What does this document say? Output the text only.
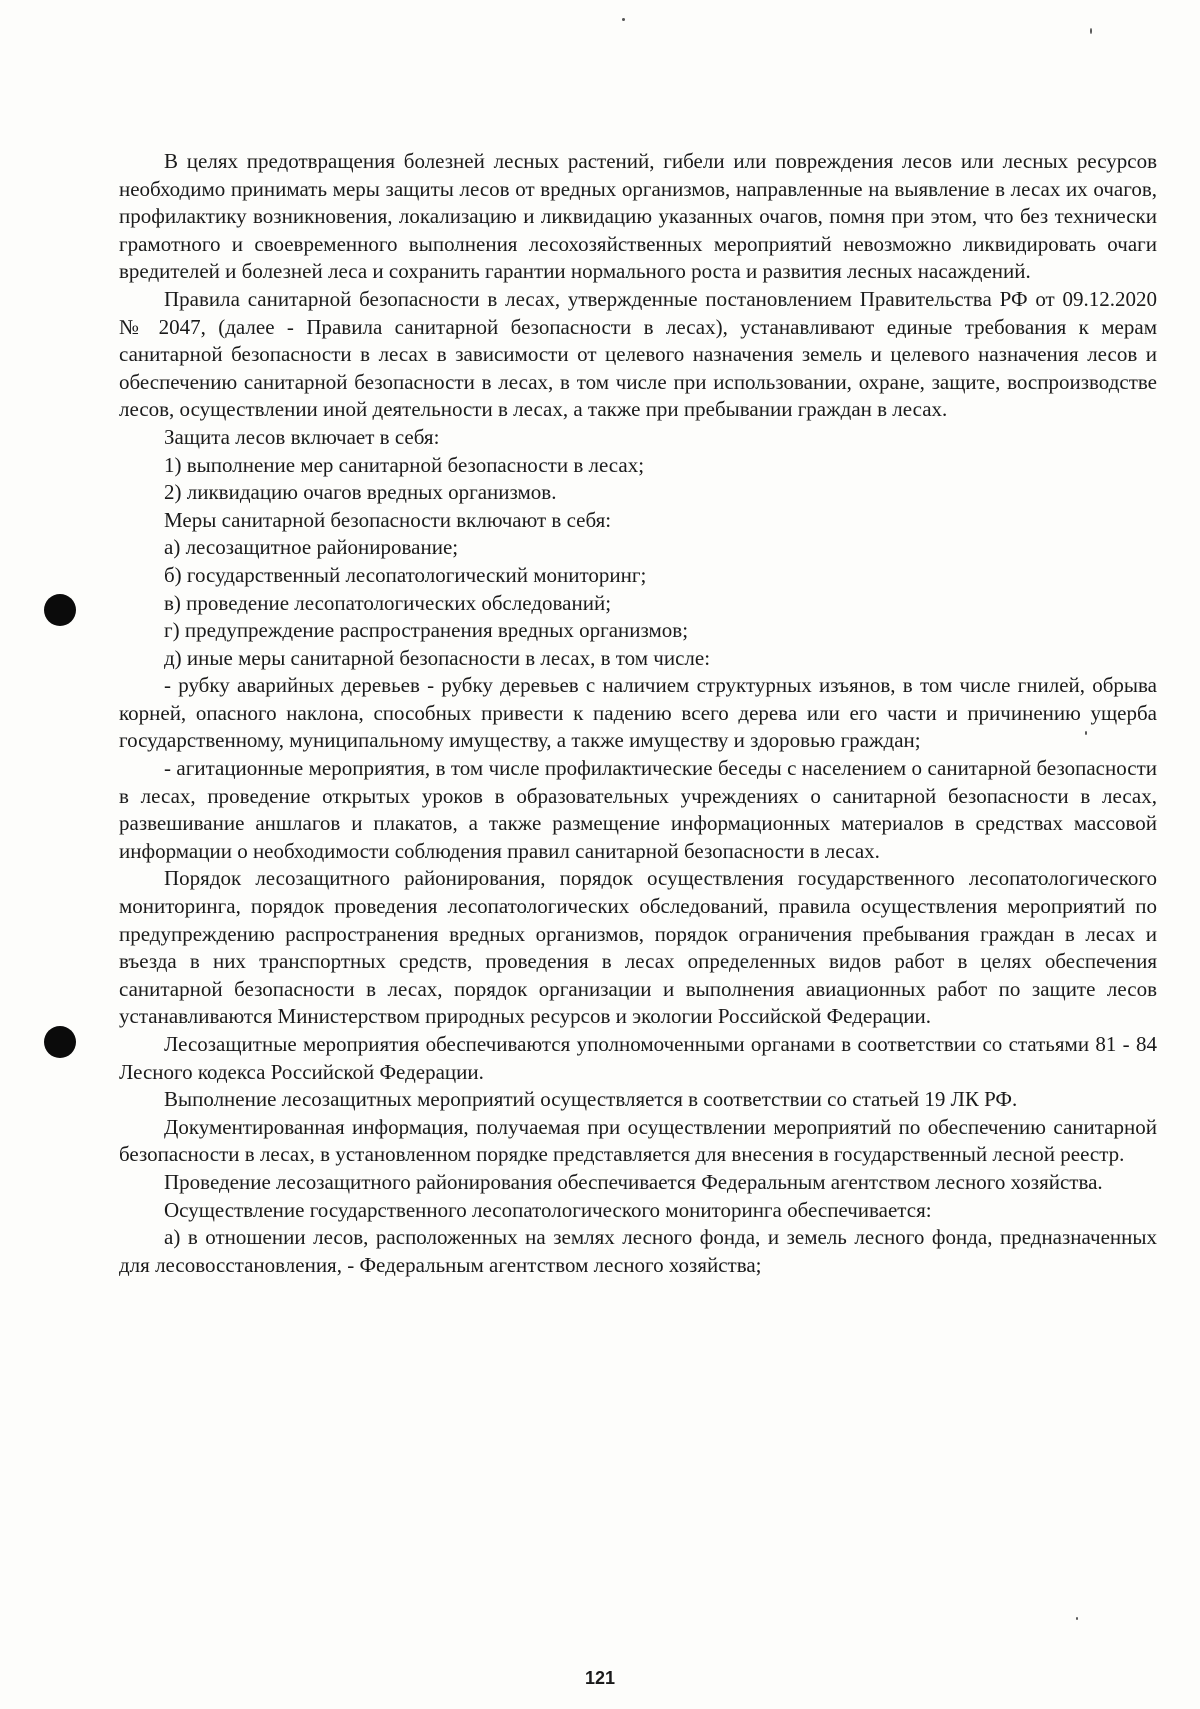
В целях предотвращения болезней лесных растений, гибели или повреждения лесов или лесных ресурсов необходимо принимать меры защиты лесов от вредных организмов, направленные на выявление в лесах их очагов, профилактику возникновения, локализацию и ликвидацию указанных очагов, помня при этом, что без технически грамотного и своевременного выполнения лесохозяйственных мероприятий невозможно ликвидировать очаги вредителей и болезней леса и сохранить гарантии нормального роста и развития лесных насаждений.

Правила санитарной безопасности в лесах, утвержденные постановлением Правительства РФ от 09.12.2020 № 2047, (далее - Правила санитарной безопасности в лесах), устанавливают единые требования к мерам санитарной безопасности в лесах в зависимости от целевого назначения земель и целевого назначения лесов и обеспечению санитарной безопасности в лесах, в том числе при использовании, охране, защите, воспроизводстве лесов, осуществлении иной деятельности в лесах, а также при пребывании граждан в лесах.

Защита лесов включает в себя:

1) выполнение мер санитарной безопасности в лесах;

2) ликвидацию очагов вредных организмов.

Меры санитарной безопасности включают в себя:

а) лесозащитное районирование;

б) государственный лесопатологический мониторинг;

в) проведение лесопатологических обследований;

г) предупреждение распространения вредных организмов;

д) иные меры санитарной безопасности в лесах, в том числе:

- рубку аварийных деревьев - рубку деревьев с наличием структурных изъянов, в том числе гнилей, обрыва корней, опасного наклона, способных привести к падению всего дерева или его части и причинению ущерба государственному, муниципальному имуществу, а также имуществу и здоровью граждан;

- агитационные мероприятия, в том числе профилактические беседы с населением о санитарной безопасности в лесах, проведение открытых уроков в образовательных учреждениях о санитарной безопасности в лесах, развешивание аншлагов и плакатов, а также размещение информационных материалов в средствах массовой информации о необходимости соблюдения правил санитарной безопасности в лесах.

Порядок лесозащитного районирования, порядок осуществления государственного лесопатологического мониторинга, порядок проведения лесопатологических обследований, правила осуществления мероприятий по предупреждению распространения вредных организмов, порядок ограничения пребывания граждан в лесах и въезда в них транспортных средств, проведения в лесах определенных видов работ в целях обеспечения санитарной безопасности в лесах, порядок организации и выполнения авиационных работ по защите лесов устанавливаются Министерством природных ресурсов и экологии Российской Федерации.

Лесозащитные мероприятия обеспечиваются уполномоченными органами в соответствии со статьями 81 - 84 Лесного кодекса Российской Федерации.

Выполнение лесозащитных мероприятий осуществляется в соответствии со статьей 19 ЛК РФ.

Документированная информация, получаемая при осуществлении мероприятий по обеспечению санитарной безопасности в лесах, в установленном порядке представляется для внесения в государственный лесной реестр.

Проведение лесозащитного районирования обеспечивается Федеральным агентством лесного хозяйства.

Осуществление государственного лесопатологического мониторинга обеспечивается:

а) в отношении лесов, расположенных на землях лесного фонда, и земель лесного фонда, предназначенных для лесовосстановления, - Федеральным агентством лесного хозяйства;

121
